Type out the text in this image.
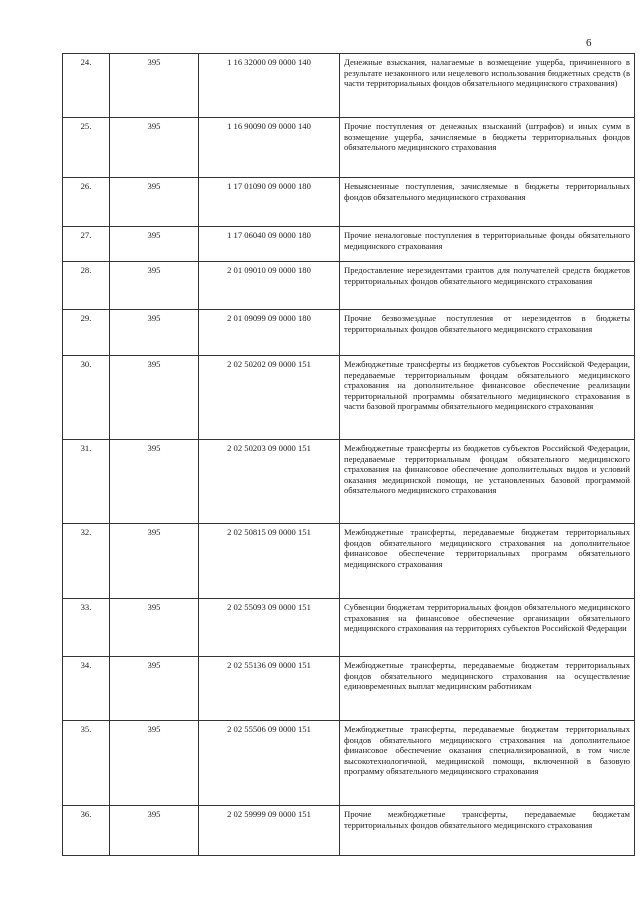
6
24.	395	1 16 32000 09 0000 140	Денежные взыскания, налагаемые в возмещение ущерба, причиненного в результате незаконного или нецелевого использования бюджетных средств (в части территориальных фондов обязательного медицинского страхования)
25.	395	1 16 90090 09 0000 140	Прочие поступления от денежных взысканий (штрафов) и иных сумм в возмещение ущерба, зачисляемые в бюджеты территориальных фондов обязательного медицинского страхования
26.	395	1 17 01090 09 0000 180	Невыясненные поступления, зачисляемые в бюджеты территориальных фондов обязательного медицинского страхования
27.	395	1 17 06040 09 0000 180	Прочие неналоговые поступления в территориальные фонды обязательного медицинского страхования
28.	395	2 01 09010 09 0000 180	Предоставление нерезидентами грантов для получателей средств бюджетов территориальных фондов обязательного медицинского страхования
29.	395	2 01 09099 09 0000 180	Прочие безвозмездные поступления от нерезидентов в бюджеты территориальных фондов обязательного медицинского страхования
30.	395	2 02 50202 09 0000 151	Межбюджетные трансферты из бюджетов субъектов Российской Федерации, передаваемые территориальным фондам обязательного медицинского страхования на дополнительное финансовое обеспечение реализации территориальной программы обязательного медицинского страхования в части базовой программы обязательного медицинского страхования
31.	395	2 02 50203 09 0000 151	Межбюджетные трансферты из бюджетов субъектов Российской Федерации, передаваемые территориальным фондам обязательного медицинского страхования на финансовое обеспечение дополнительных видов и условий оказания медицинской помощи, не установленных базовой программой обязательного медицинского страхования
32.	395	2 02 50815 09 0000 151	Межбюджетные трансферты, передаваемые бюджетам территориальных фондов обязательного медицинского страхования на дополнительное финансовое обеспечение территориальных программ обязательного медицинского страхования
33.	395	2 02 55093 09 0000 151	Субвенции бюджетам территориальных фондов обязательного медицинского страхования на финансовое обеспечение организации обязательного медицинского страхования на территориях субъектов Российской Федерации
34.	395	2 02 55136 09 0000 151	Межбюджетные трансферты, передаваемые бюджетам территориальных фондов обязательного медицинского страхования на осуществление единовременных выплат медицинским работникам
35.	395	2 02 55506 09 0000 151	Межбюджетные трансферты, передаваемые бюджетам территориальных фондов обязательного медицинского страхования на дополнительное финансовое обеспечение оказания специализированной, в том числе высокотехнологичной, медицинской помощи, включенной в базовую программу обязательного медицинского страхования
36.	395	2 02 59999 09 0000 151	Прочие межбюджетные трансферты, передаваемые бюджетам территориальных фондов обязательного медицинского страхования
